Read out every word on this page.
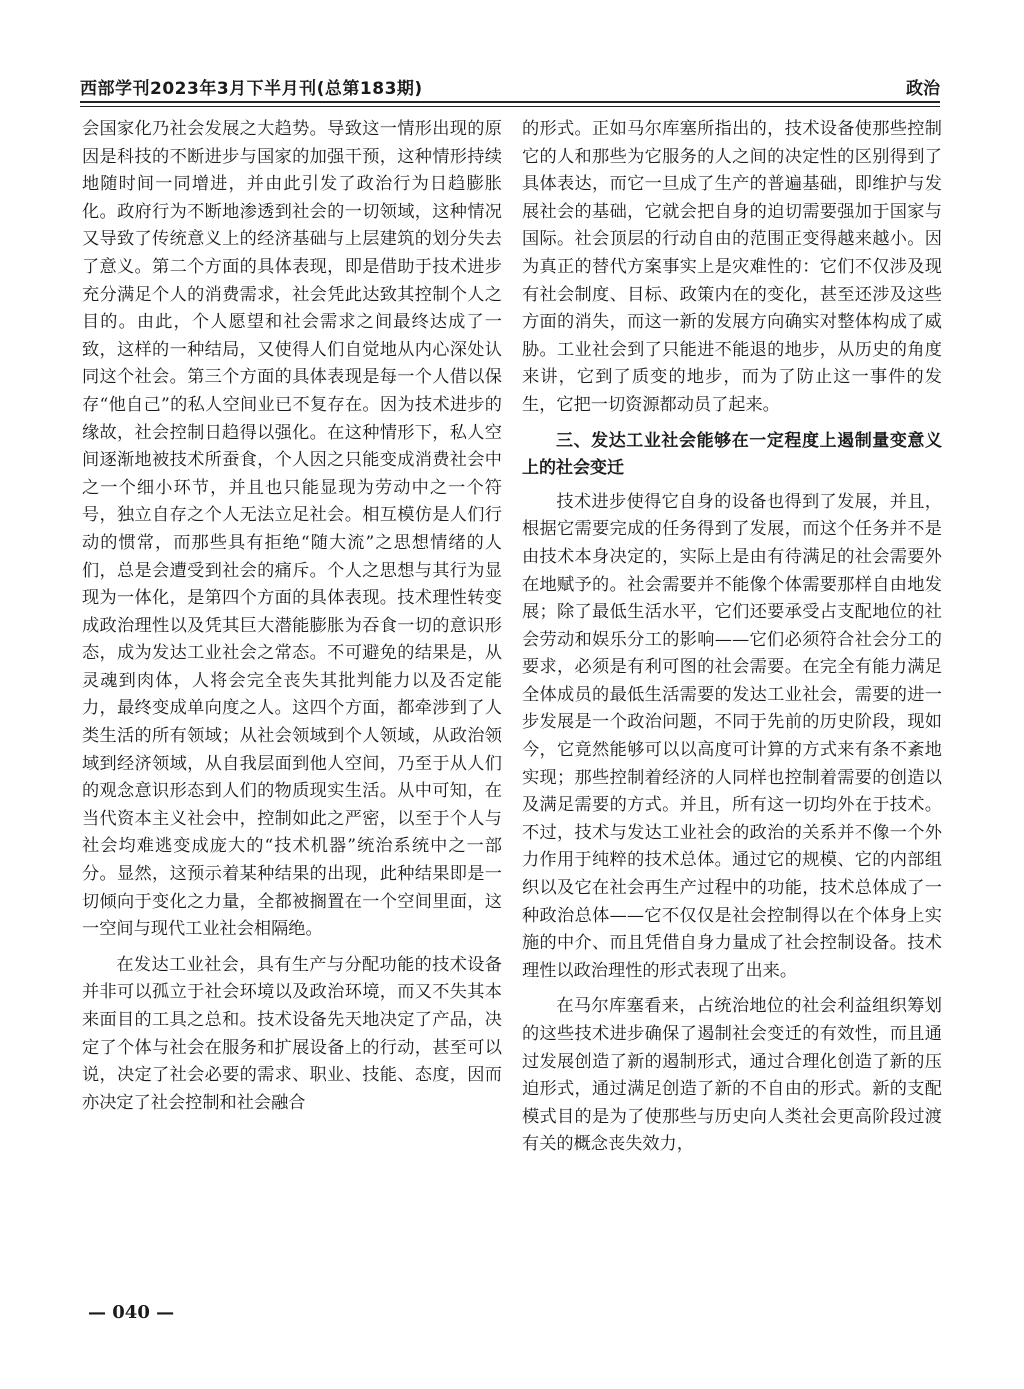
西部学刊2023年3月下半月刊(总第183期)	政治

会国家化乃社会发展之大趋势。导致这一情形出现的原因是科技的不断进步与国家的加强干预，这种情形持续地随时间一同增进，并由此引发了政治行为日趋膨胀化。政府行为不断地渗透到社会的一切领域，这种情况又导致了传统意义上的经济基础与上层建筑的划分失去了意义。第二个方面的具体表现，即是借助于技术进步充分满足个人的消费需求，社会凭此达致其控制个人之目的。由此，个人愿望和社会需求之间最终达成了一致，这样的一种结局，又使得人们自觉地从内心深处认同这个社会。第三个方面的具体表现是每一个人借以保存“他自己”的私人空间业已不复存在。因为技术进步的缘故，社会控制日趋得以强化。在这种情形下，私人空间逐渐地被技术所蚕食，个人因之只能变成消费社会中之一个细小环节，并且也只能显现为劳动中之一个符号，独立自存之个人无法立足社会。相互模仿是人们行动的惯常，而那些具有拒绝“随大流”之思想情绪的人们，总是会遭受到社会的痛斥。个人之思想与其行为显现为一体化，是第四个方面的具体表现。技术理性转变成政治理性以及凭其巨大潜能膨胀为吞食一切的意识形态，成为发达工业社会之常态。不可避免的结果是，从灵魂到肉体，人将会完全丧失其批判能力以及否定能力，最终变成单向度之人。这四个方面，都牵涉到了人类生活的所有领域；从社会领域到个人领域，从政治领域到经济领域，从自我层面到他人空间，乃至于从人们的观念意识形态到人们的物质现实生活。从中可知，在当代资本主义社会中，控制如此之严密，以至于个人与社会均难逃变成庞大的“技术机器”统治系统中之一部分。显然，这预示着某种结果的出现，此种结果即是一切倾向于变化之力量，全都被搁置在一个空间里面，这一空间与现代工业社会相隔绝。

在发达工业社会，具有生产与分配功能的技术设备并非可以孤立于社会环境以及政治环境，而又不失其本来面目的工具之总和。技术设备先天地决定了产品，决定了个体与社会在服务和扩展设备上的行动，甚至可以说，决定了社会必要的需求、职业、技能、态度，因而亦决定了社会控制和社会融合

的形式。正如马尔库塞所指出的，技术设备使那些控制它的人和那些为它服务的人之间的决定性的区别得到了具体表达，而它一旦成了生产的普遍基础，即维护与发展社会的基础，它就会把自身的迫切需要强加于国家与国际。社会顶层的行动自由的范围正变得越来越小。因为真正的替代方案事实上是灾难性的：它们不仅涉及现有社会制度、目标、政策内在的变化，甚至还涉及这些方面的消失，而这一新的发展方向确实对整体构成了威胁。工业社会到了只能进不能退的地步，从历史的角度来讲，它到了质变的地步，而为了防止这一事件的发生，它把一切资源都动员了起来。

三、发达工业社会能够在一定程度上遏制量变意义上的社会变迁

技术进步使得它自身的设备也得到了发展，并且，根据它需要完成的任务得到了发展，而这个任务并不是由技术本身决定的，实际上是由有待满足的社会需要外在地赋予的。社会需要并不能像个体需要那样自由地发展；除了最低生活水平，它们还要承受占支配地位的社会劳动和娱乐分工的影响——它们必须符合社会分工的要求，必须是有利可图的社会需要。在完全有能力满足全体成员的最低生活需要的发达工业社会，需要的进一步发展是一个政治问题，不同于先前的历史阶段，现如今，它竟然能够可以以高度可计算的方式来有条不紊地实现；那些控制着经济的人同样也控制着需要的创造以及满足需要的方式。并且，所有这一切均外在于技术。不过，技术与发达工业社会的政治的关系并不像一个外力作用于纯粹的技术总体。通过它的规模、它的内部组织以及它在社会再生产过程中的功能，技术总体成了一种政治总体——它不仅仅是社会控制得以在个体身上实施的中介、而且凭借自身力量成了社会控制设备。技术理性以政治理性的形式表现了出来。

在马尔库塞看来，占统治地位的社会利益组织筹划的这些技术进步确保了遏制社会变迁的有效性，而且通过发展创造了新的遏制形式，通过合理化创造了新的压迫形式，通过满足创造了新的不自由的形式。新的支配模式目的是为了使那些与历史向人类社会更高阶段过渡有关的概念丧失效力，

— 040 —
